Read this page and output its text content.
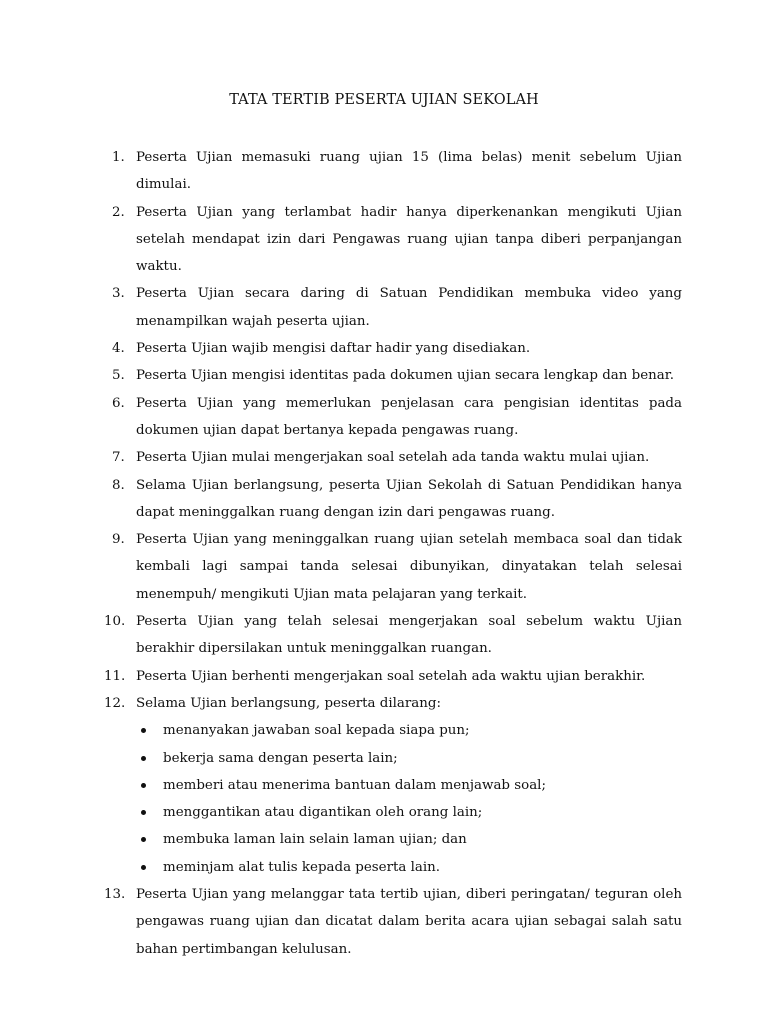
TATA TERTIB PESERTA UJIAN SEKOLAH
1. Peserta Ujian memasuki ruang ujian 15 (lima belas) menit sebelum Ujian dimulai.
2. Peserta Ujian yang terlambat hadir hanya diperkenankan mengikuti Ujian setelah mendapat izin dari Pengawas ruang ujian tanpa diberi perpanjangan waktu.
3. Peserta Ujian secara daring di Satuan Pendidikan membuka video yang menampilkan wajah peserta ujian.
4. Peserta Ujian wajib mengisi daftar hadir yang disediakan.
5. Peserta Ujian mengisi identitas pada dokumen ujian secara lengkap dan benar.
6. Peserta Ujian yang memerlukan penjelasan cara pengisian identitas pada dokumen ujian dapat bertanya kepada pengawas ruang.
7. Peserta Ujian mulai mengerjakan soal setelah ada tanda waktu mulai ujian.
8. Selama Ujian berlangsung, peserta Ujian Sekolah di Satuan Pendidikan hanya dapat meninggalkan ruang dengan izin dari pengawas ruang.
9. Peserta Ujian yang meninggalkan ruang ujian setelah membaca soal dan tidak kembali lagi sampai tanda selesai dibunyikan, dinyatakan telah selesai menempuh/ mengikuti Ujian mata pelajaran yang terkait.
10. Peserta Ujian yang telah selesai mengerjakan soal sebelum waktu Ujian berakhir dipersilakan untuk meninggalkan ruangan.
11. Peserta Ujian berhenti mengerjakan soal setelah ada waktu ujian berakhir.
12. Selama Ujian berlangsung, peserta dilarang:
menanyakan jawaban soal kepada siapa pun;
bekerja sama dengan peserta lain;
memberi atau menerima bantuan dalam menjawab soal;
menggantikan atau digantikan oleh orang lain;
membuka laman lain selain laman ujian; dan
meminjam alat tulis kepada peserta lain.
13. Peserta Ujian yang melanggar tata tertib ujian, diberi peringatan/ teguran oleh pengawas ruang ujian dan dicatat dalam berita acara ujian sebagai salah satu bahan pertimbangan kelulusan.
